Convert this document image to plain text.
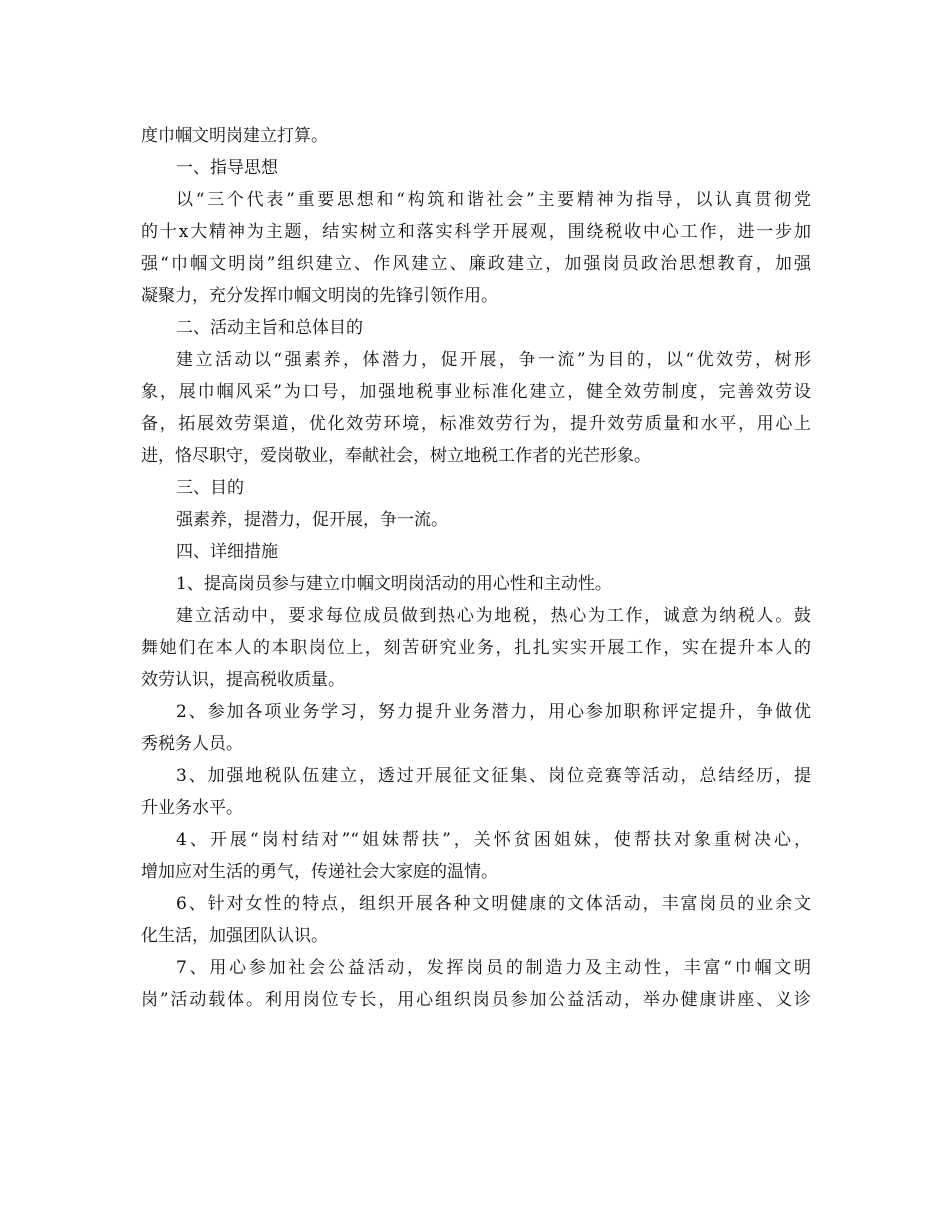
度巾帼文明岗建立打算。
一、指导思想
以“三个代表”重要思想和“构筑和谐社会”主要精神为指导，以认真贯彻党
的十x大精神为主题，结实树立和落实科学开展观，围绕税收中心工作，进一步加
强“巾帼文明岗”组织建立、作风建立、廉政建立，加强岗员政治思想教育，加强
凝聚力，充分发挥巾帼文明岗的先锋引领作用。
二、活动主旨和总体目的
建立活动以“强素养，体潜力，促开展，争一流”为目的，以“优效劳，树形
象，展巾帼风采”为口号，加强地税事业标准化建立，健全效劳制度，完善效劳设
备，拓展效劳渠道，优化效劳环境，标准效劳行为，提升效劳质量和水平，用心上
进，恪尽职守，爱岗敬业，奉献社会，树立地税工作者的光芒形象。
三、目的
强素养，提潜力，促开展，争一流。
四、详细措施
1、提高岗员参与建立巾帼文明岗活动的用心性和主动性。
建立活动中，要求每位成员做到热心为地税，热心为工作，诚意为纳税人。鼓
舞她们在本人的本职岗位上，刻苦研究业务，扎扎实实开展工作，实在提升本人的
效劳认识，提高税收质量。
2、参加各项业务学习，努力提升业务潜力，用心参加职称评定提升，争做优
秀税务人员。
3、加强地税队伍建立，透过开展征文征集、岗位竞赛等活动，总结经历，提
升业务水平。
4、开展“岗村结对”“姐妹帮扶”，关怀贫困姐妹，使帮扶对象重树决心，
增加应对生活的勇气，传递社会大家庭的温情。
6、针对女性的特点，组织开展各种文明健康的文体活动，丰富岗员的业余文
化生活，加强团队认识。
7、用心参加社会公益活动，发挥岗员的制造力及主动性，丰富“巾帼文明
岗”活动载体。利用岗位专长，用心组织岗员参加公益活动，举办健康讲座、义诊
